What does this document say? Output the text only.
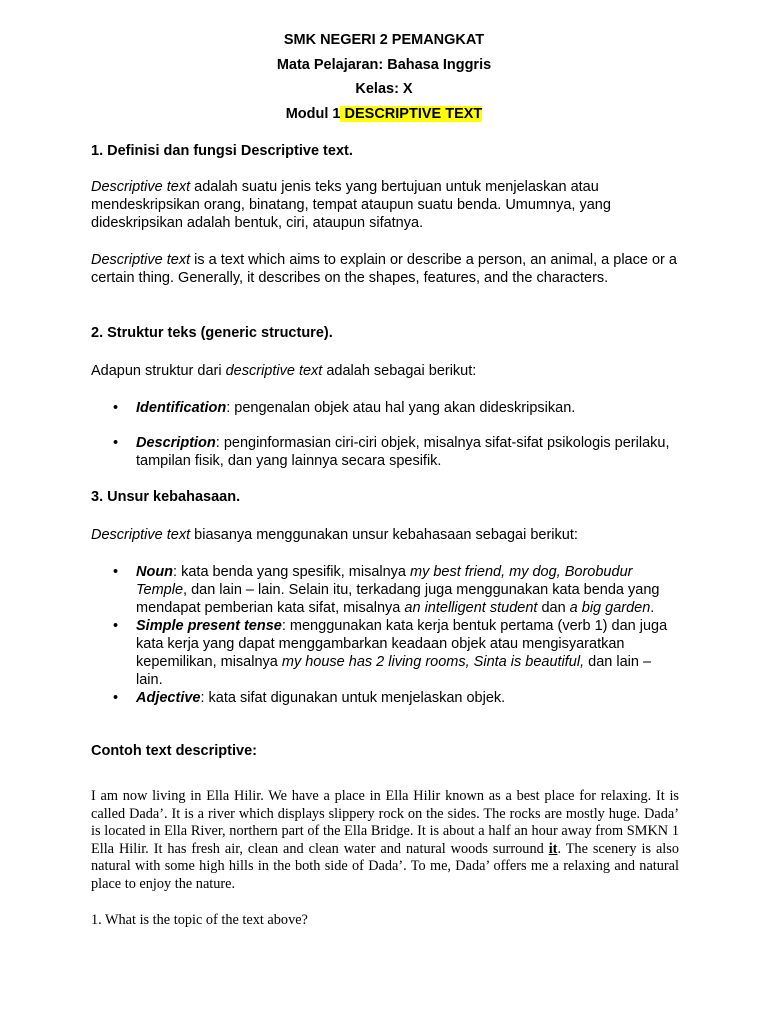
SMK NEGERI 2 PEMANGKAT
Mata Pelajaran: Bahasa Inggris
Kelas: X
Modul 1 DESCRIPTIVE TEXT
1. Definisi dan fungsi Descriptive text.
Descriptive text adalah suatu jenis teks yang bertujuan untuk menjelaskan atau mendeskripsikan orang, binatang, tempat ataupun suatu benda. Umumnya, yang dideskripsikan adalah bentuk, ciri, ataupun sifatnya.
Descriptive text is a text which aims to explain or describe a person, an animal, a place or a certain thing. Generally, it describes on the shapes, features, and the characters.
2. Struktur teks (generic structure).
Adapun struktur dari descriptive text adalah sebagai berikut:
• Identification: pengenalan objek atau hal yang akan dideskripsikan.
• Description: penginformasian ciri-ciri objek, misalnya sifat-sifat psikologis perilaku, tampilan fisik, dan yang lainnya secara spesifik.
3. Unsur kebahasaan.
Descriptive text biasanya menggunakan unsur kebahasaan sebagai berikut:
• Noun: kata benda yang spesifik, misalnya my best friend, my dog, Borobudur Temple, dan lain – lain. Selain itu, terkadang juga menggunakan kata benda yang mendapat pemberian kata sifat, misalnya an intelligent student dan a big garden.
• Simple present tense: menggunakan kata kerja bentuk pertama (verb 1) dan juga kata kerja yang dapat menggambarkan keadaan objek atau mengisyaratkan kepemilikan, misalnya my house has 2 living rooms, Sinta is beautiful, dan lain – lain.
• Adjective: kata sifat digunakan untuk menjelaskan objek.
Contoh text descriptive:
I am now living in Ella Hilir. We have a place in Ella Hilir known as a best place for relaxing. It is called Dada’. It is a river which displays slippery rock on the sides. The rocks are mostly huge. Dada’ is located in Ella River, northern part of the Ella Bridge. It is about a half an hour away from SMKN 1 Ella Hilir. It has fresh air, clean and clean water and natural woods surround it. The scenery is also natural with some high hills in the both side of Dada’. To me, Dada’ offers me a relaxing and natural place to enjoy the nature.
1. What is the topic of the text above?
